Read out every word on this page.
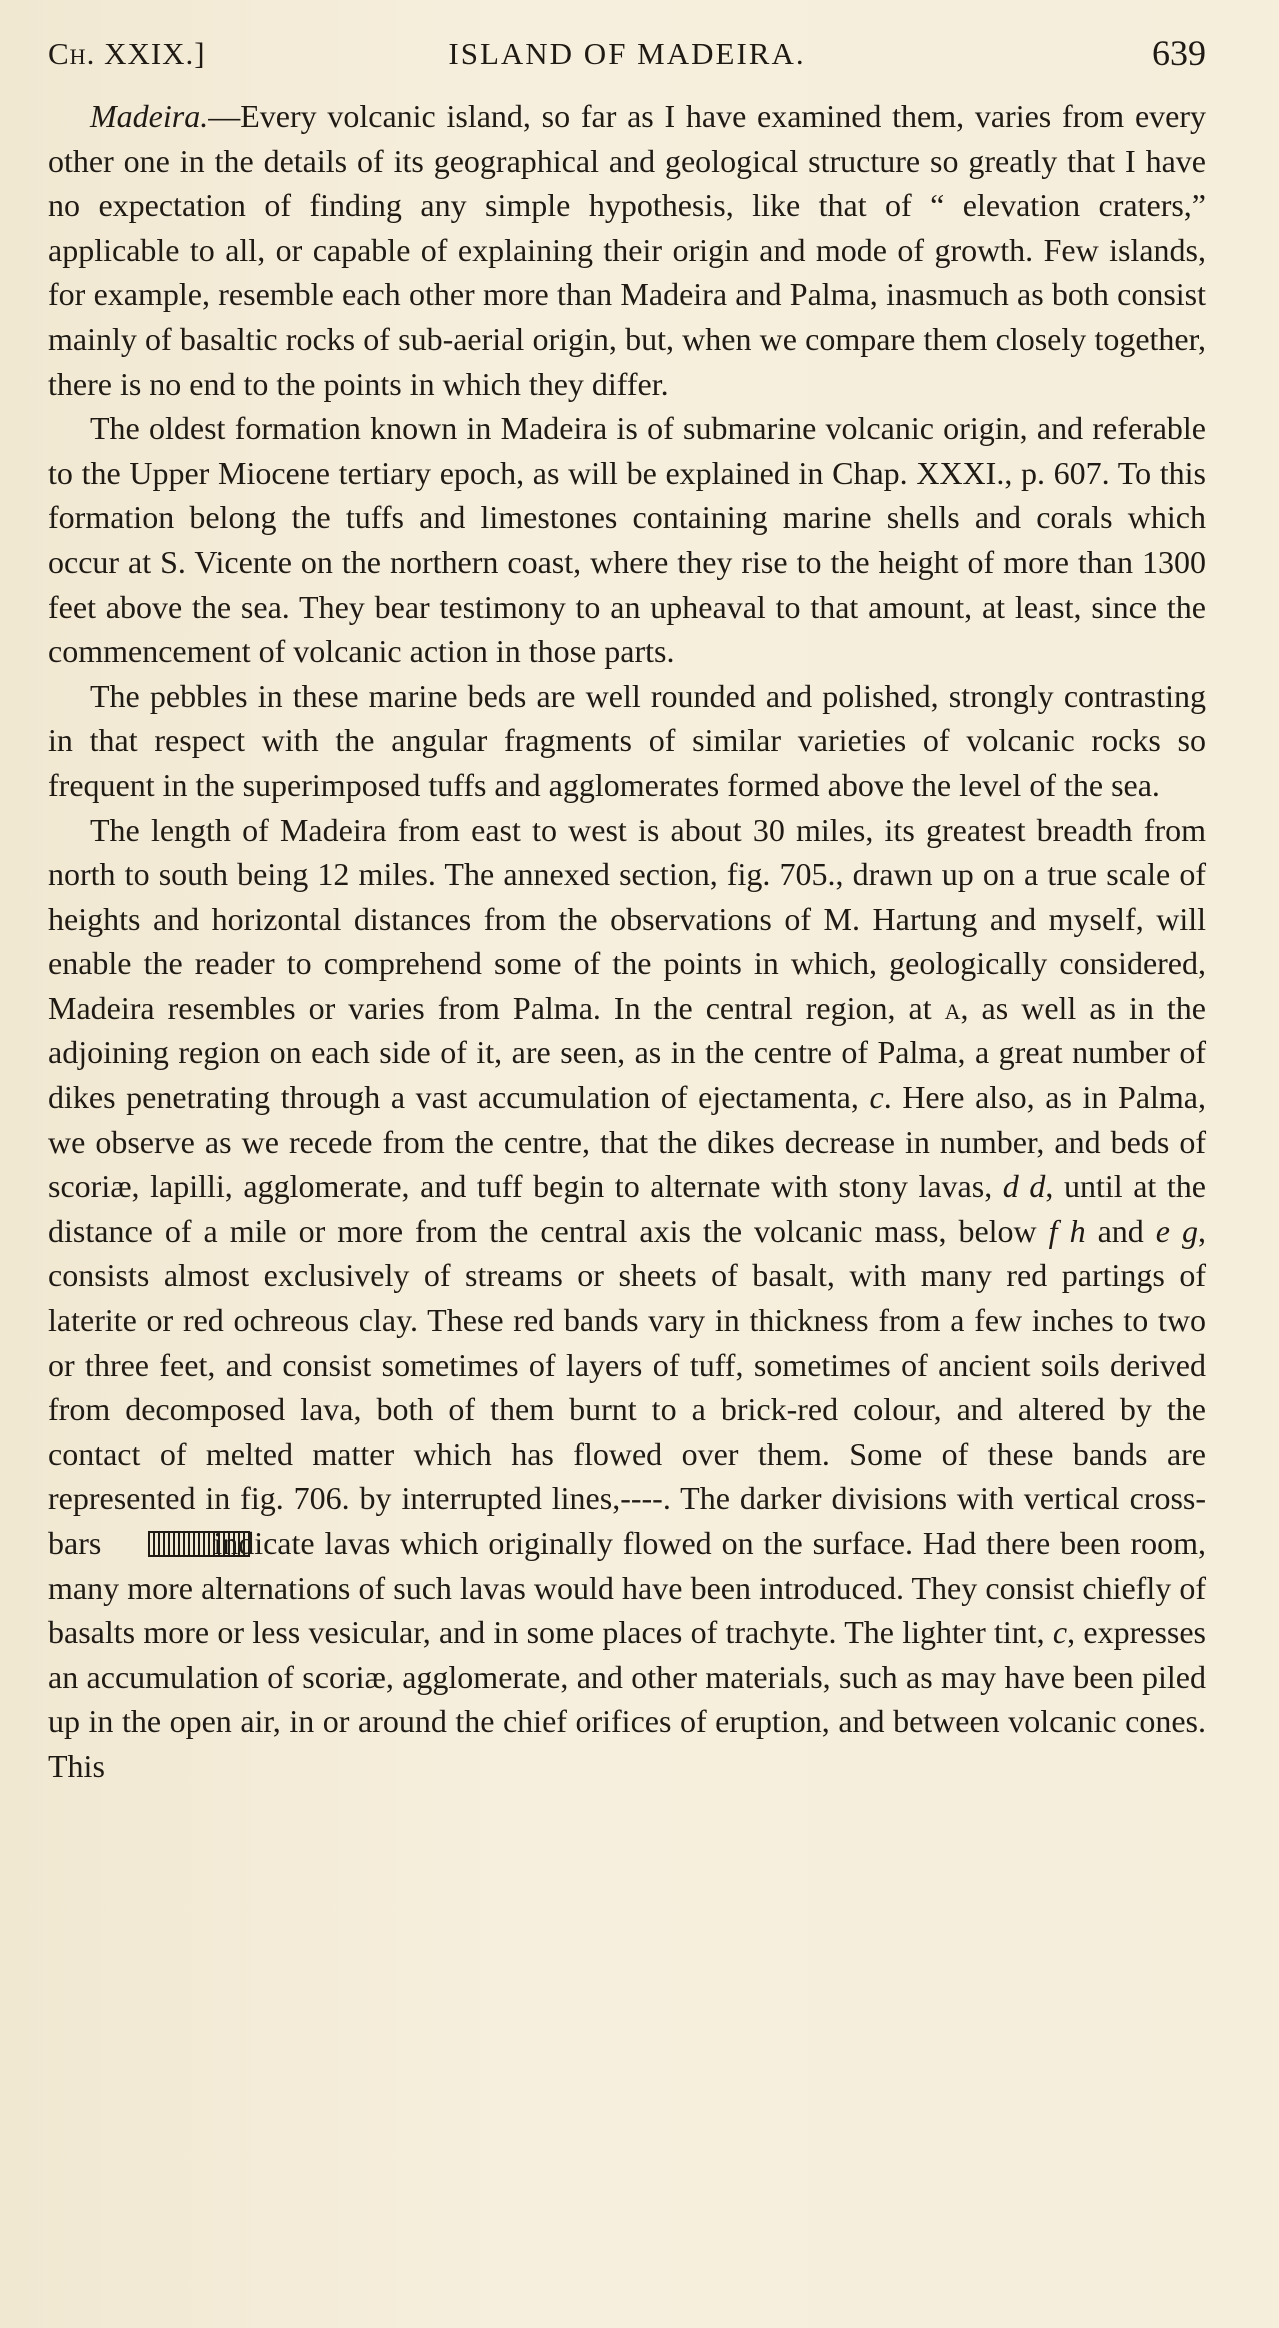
Ch. XXIX.]	ISLAND OF MADEIRA.	639

Madeira.—Every volcanic island, so far as I have examined them, varies from every other one in the details of its geographical and geological structure so greatly that I have no expectation of finding any simple hypothesis, like that of “ elevation craters,” applicable to all, or capable of explaining their origin and mode of growth. Few islands, for example, resemble each other more than Madeira and Palma, inasmuch as both consist mainly of basaltic rocks of sub-aerial origin, but, when we compare them closely together, there is no end to the points in which they differ.

The oldest formation known in Madeira is of submarine volcanic origin, and referable to the Upper Miocene tertiary epoch, as will be explained in Chap. XXXI., p. 607. To this formation belong the tuffs and limestones containing marine shells and corals which occur at S. Vicente on the northern coast, where they rise to the height of more than 1300 feet above the sea. They bear testimony to an upheaval to that amount, at least, since the commencement of volcanic action in those parts.

The pebbles in these marine beds are well rounded and polished, strongly contrasting in that respect with the angular fragments of similar varieties of volcanic rocks so frequent in the superimposed tuffs and agglomerates formed above the level of the sea.

The length of Madeira from east to west is about 30 miles, its greatest breadth from north to south being 12 miles. The annexed section, fig. 705., drawn up on a true scale of heights and horizontal distances from the observations of M. Hartung and myself, will enable the reader to comprehend some of the points in which, geologically considered, Madeira resembles or varies from Palma. In the central region, at a, as well as in the adjoining region on each side of it, are seen, as in the centre of Palma, a great number of dikes penetrating through a vast accumulation of ejectamenta, c. Here also, as in Palma, we observe as we recede from the centre, that the dikes decrease in number, and beds of scoriæ, lapilli, agglomerate, and tuff begin to alternate with stony lavas, d d, until at the distance of a mile or more from the central axis the volcanic mass, below f h and e g, consists almost exclusively of streams or sheets of basalt, with many red partings of laterite or red ochreous clay. These red bands vary in thickness from a few inches to two or three feet, and consist sometimes of layers of tuff, sometimes of ancient soils derived from decomposed lava, both of them burnt to a brick-red colour, and altered by the contact of melted matter which has flowed over them. Some of these bands are represented in fig. 706. by interrupted lines,----. The darker divisions with vertical cross-bars	indicate lavas which originally flowed on the surface. Had there been room, many more alternations of such lavas would have been introduced. They consist chiefly of basalts more or less vesicular, and in some places of trachyte. The lighter tint, c, expresses an accumulation of scoriæ, agglomerate, and other materials, such as may have been piled up in the open air, in or around the chief orifices of eruption, and between volcanic cones. This
